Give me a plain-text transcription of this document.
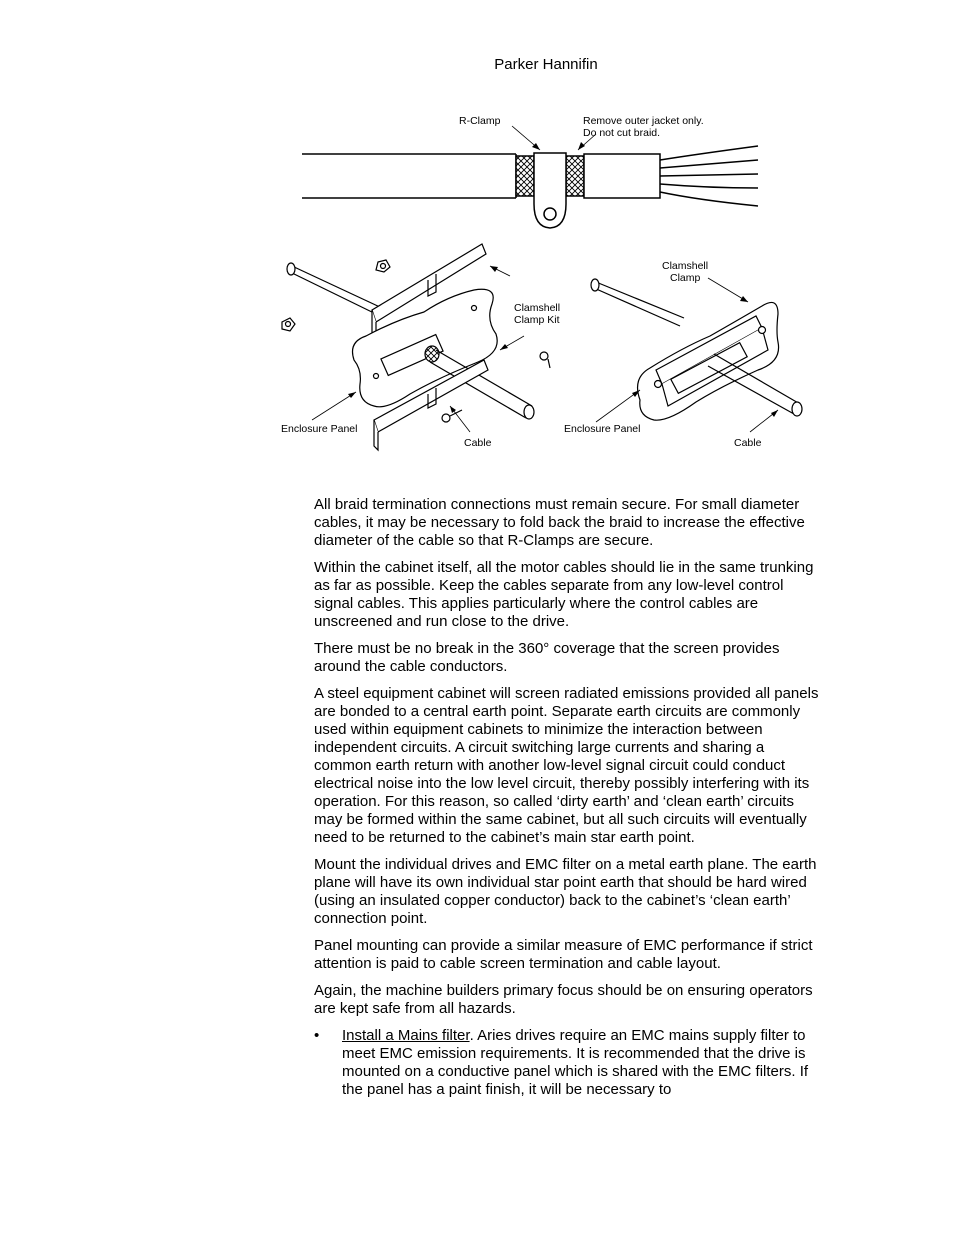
Parker Hannifin
R-Clamp	Remove outer jacket only.
Do not cut braid.
Clamshell
Clamp Kit
Enclosure Panel
Cable
Clamshell
Clamp
Enclosure Panel
Cable

All braid termination connections must remain secure. For small diameter cables, it may be necessary to fold back the braid to increase the effective diameter of the cable so that R-Clamps are secure.

Within the cabinet itself, all the motor cables should lie in the same trunking as far as possible. Keep the cables separate from any low-level control signal cables. This applies particularly where the control cables are unscreened and run close to the drive.

There must be no break in the 360° coverage that the screen provides around the cable conductors.

A steel equipment cabinet will screen radiated emissions provided all panels are bonded to a central earth point. Separate earth circuits are commonly used within equipment cabinets to minimize the interaction between independent circuits. A circuit switching large currents and sharing a common earth return with another low-level signal circuit could conduct electrical noise into the low level circuit, thereby possibly interfering with its operation. For this reason, so called ‘dirty earth’ and ‘clean earth’ circuits may be formed within the same cabinet, but all such circuits will eventually need to be returned to the cabinet’s main star earth point.

Mount the individual drives and EMC filter on a metal earth plane. The earth plane will have its own individual star point earth that should be hard wired (using an insulated copper conductor) back to the cabinet’s ‘clean earth’ connection point.

Panel mounting can provide a similar measure of EMC performance if strict attention is paid to cable screen termination and cable layout.

Again, the machine builders primary focus should be on ensuring operators are kept safe from all hazards.

• Install a Mains filter. Aries drives require an EMC mains supply filter to meet EMC emission requirements. It is recommended that the drive is mounted on a conductive panel which is shared with the EMC filters. If the panel has a paint finish, it will be necessary to
